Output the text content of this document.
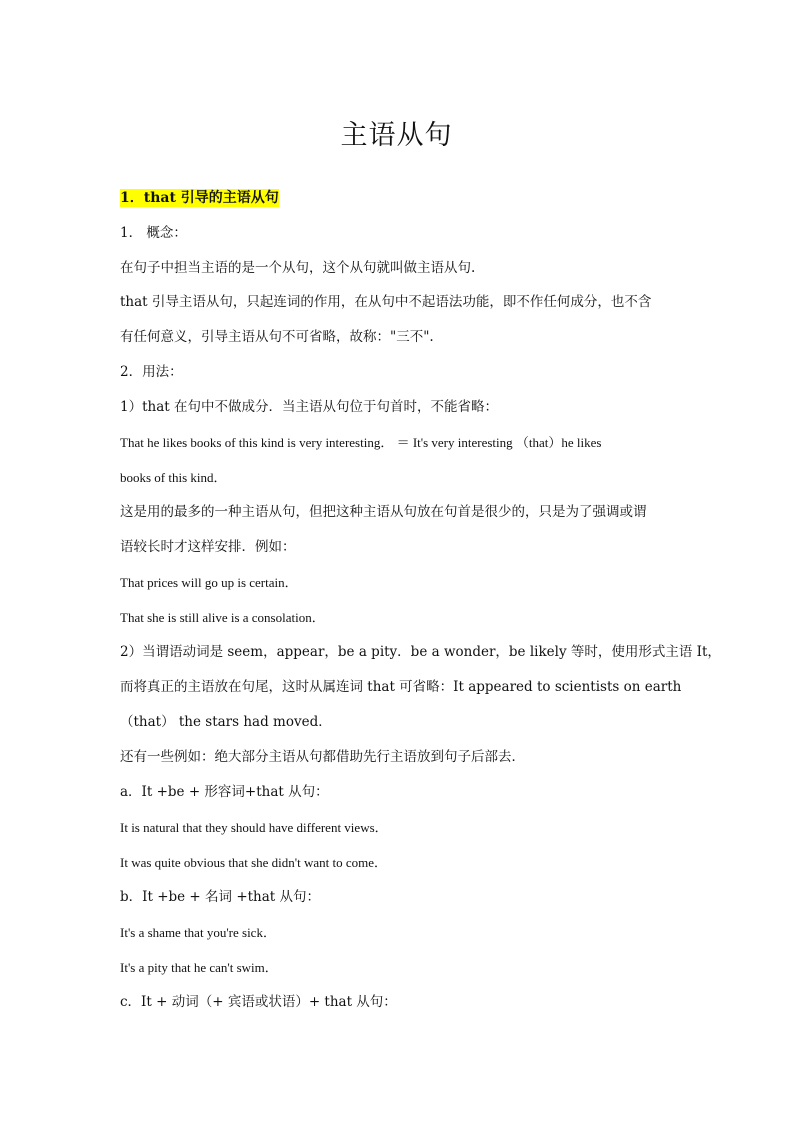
主语从句
1．that 引导的主语从句
1． 概念：
在句子中担当主语的是一个从句，这个从句就叫做主语从句.
that 引导主语从句，只起连词的作用，在从句中不起语法功能，即不作任何成分，也不含
有任何意义，引导主语从句不可省略，故称："三不".
2．用法：
1）that 在句中不做成分．当主语从句位于句首时，不能省略：
That he likes books of this kind is very interesting． ＝ It's very interesting （that）he likes
books of this kind．
这是用的最多的一种主语从句，但把这种主语从句放在句首是很少的，只是为了强调或谓
语较长时才这样安排．例如：
That prices will go up is certain．
That she is still alive is a consolation．
2）当谓语动词是 seem，appear，be a pity．be a wonder，be likely 等时，使用形式主语 It，
而将真正的主语放在句尾，这时从属连词 that 可省略：It appeared to scientists on earth
（that） the stars had moved．
还有一些例如：绝大部分主语从句都借助先行主语放到句子后部去．
a．It +be + 形容词+that 从句：
It is natural that they should have different views．
It was quite obvious that she didn't want to come．
b．It +be + 名词 +that 从句：
It's a shame that you're sick．
It's a pity that he can't swim．
c．It + 动词（+ 宾语或状语）+ that 从句：
